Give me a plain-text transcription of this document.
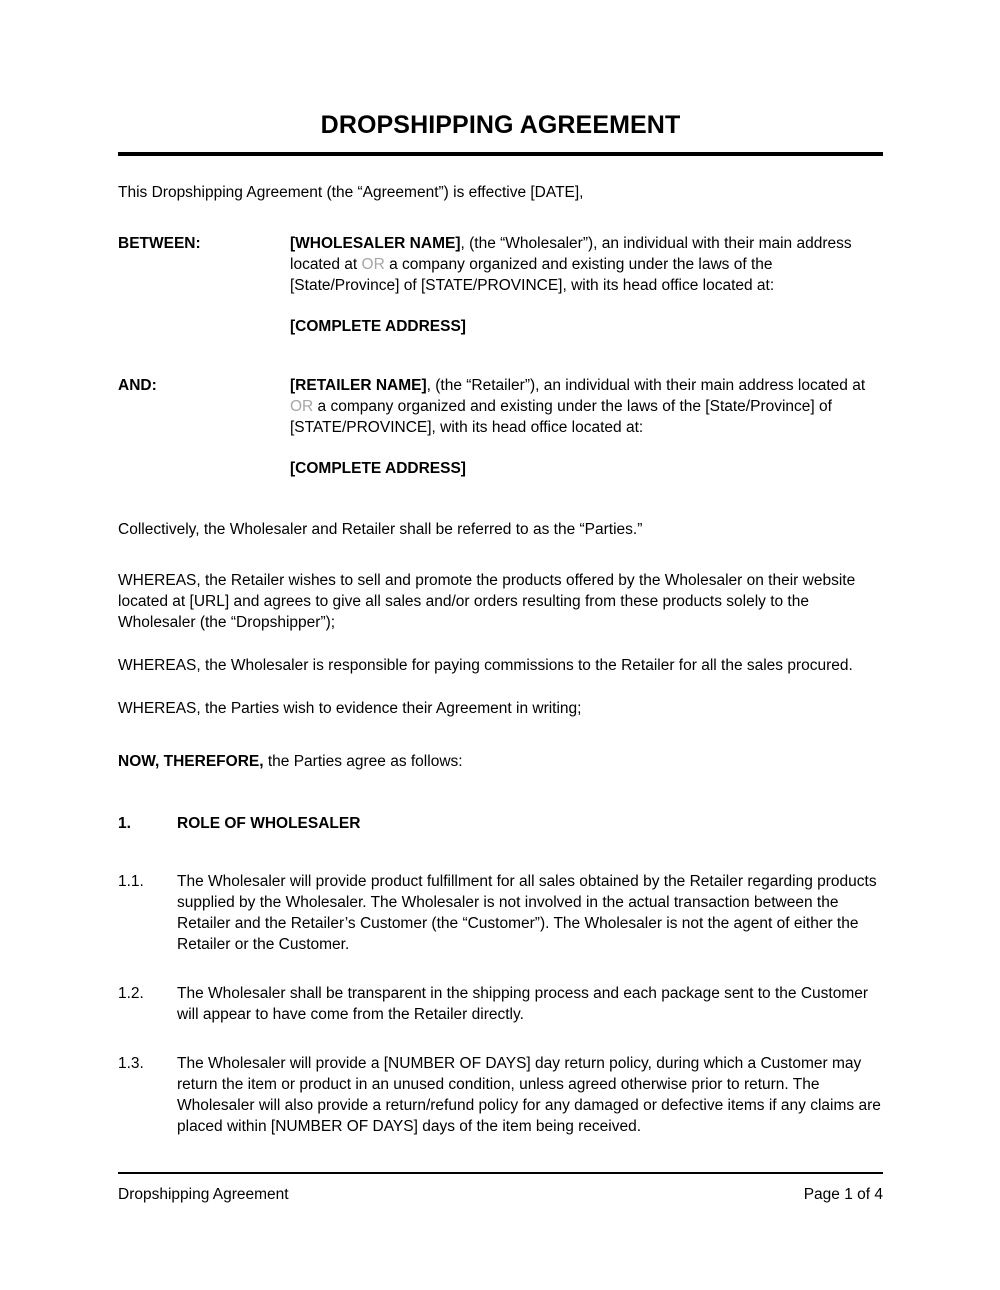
DROPSHIPPING AGREEMENT

This Dropshipping Agreement (the “Agreement”) is effective [DATE],

BETWEEN:	[WHOLESALER NAME], (the “Wholesaler”), an individual with their main address located at OR a company organized and existing under the laws of the [State/Province] of [STATE/PROVINCE], with its head office located at:
[COMPLETE ADDRESS]
AND:	[RETAILER NAME], (the “Retailer”), an individual with their main address located at OR a company organized and existing under the laws of the [State/Province] of [STATE/PROVINCE], with its head office located at:
[COMPLETE ADDRESS]

Collectively, the Wholesaler and Retailer shall be referred to as the “Parties.”

WHEREAS, the Retailer wishes to sell and promote the products offered by the Wholesaler on their website located at [URL] and agrees to give all sales and/or orders resulting from these products solely to the Wholesaler (the “Dropshipper”);

WHEREAS, the Wholesaler is responsible for paying commissions to the Retailer for all the sales procured.

WHEREAS, the Parties wish to evidence their Agreement in writing;

NOW, THEREFORE, the Parties agree as follows:

1.	ROLE OF WHOLESALER
1.1.	The Wholesaler will provide product fulfillment for all sales obtained by the Retailer regarding products supplied by the Wholesaler. The Wholesaler is not involved in the actual transaction between the Retailer and the Retailer’s Customer (the “Customer”). The Wholesaler is not the agent of either the Retailer or the Customer.
1.2.	The Wholesaler shall be transparent in the shipping process and each package sent to the Customer will appear to have come from the Retailer directly.
1.3.	The Wholesaler will provide a [NUMBER OF DAYS] day return policy, during which a Customer may return the item or product in an unused condition, unless agreed otherwise prior to return. The Wholesaler will also provide a return/refund policy for any damaged or defective items if any claims are placed within [NUMBER OF DAYS] days of the item being received.
Dropshipping Agreement	Page 1 of 4
